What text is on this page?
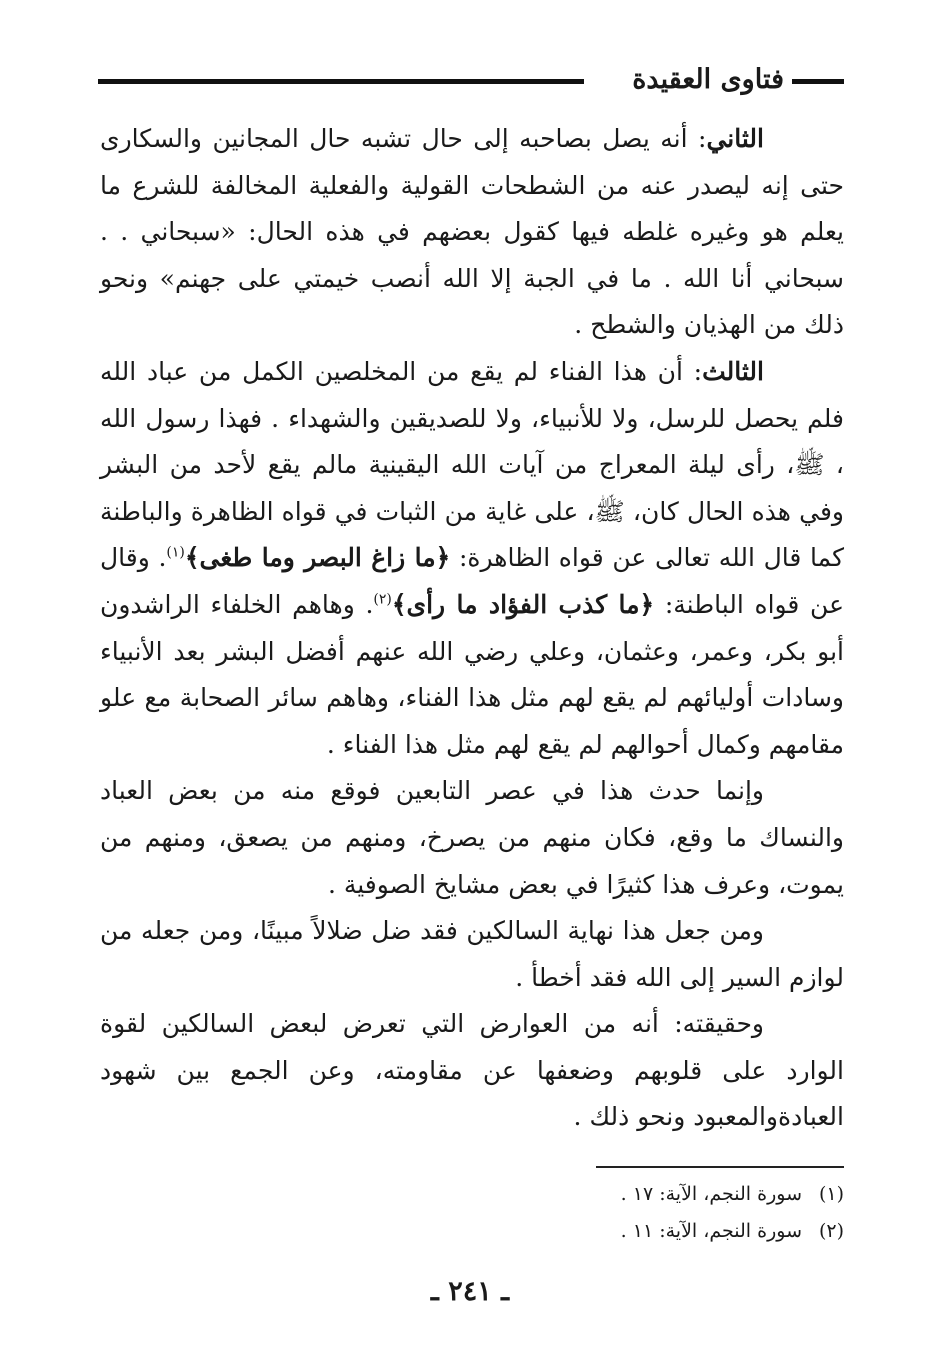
فتاوى العقيدة

الثاني: أنه يصل بصاحبه إلى حال تشبه حال المجانين والسكارى حتى إنه ليصدر عنه من الشطحات القولية والفعلية المخالفة للشرع ما يعلم هو وغيره غلطه فيها كقول بعضهم في هذه الحال: «سبحاني . . سبحاني أنا الله . ما في الجبة إلا الله أنصب خيمتي على جهنم» ونحو ذلك من الهذيان والشطح .

الثالث: أن هذا الفناء لم يقع من المخلصين الكمل من عباد الله فلم يحصل للرسل، ولا للأنبياء، ولا للصديقين والشهداء . فهذا رسول الله ، ﷺ، رأى ليلة المعراج من آيات الله اليقينية مالم يقع لأحد من البشر وفي هذه الحال كان، ﷺ، على غاية من الثبات في قواه الظاهرة والباطنة كما قال الله تعالى عن قواه الظاهرة: ﴿ما زاغ البصر وما طغى﴾$^{(١)}$. وقال عن قواه الباطنة: ﴿ما كذب الفؤاد ما رأى﴾$^{(٢)}$. وهاهم الخلفاء الراشدون أبو بكر، وعمر، وعثمان، وعلي رضي الله عنهم أفضل البشر بعد الأنبياء وسادات أوليائهم لم يقع لهم مثل هذا الفناء، وهاهم سائر الصحابة مع علو مقامهم وكمال أحوالهم لم يقع لهم مثل هذا الفناء .

وإنما حدث هذا في عصر التابعين فوقع منه من بعض العباد والنساك ما وقع، فكان منهم من يصرخ، ومنهم من يصعق، ومنهم من يموت، وعرف هذا كثيرًا في بعض مشايخ الصوفية .

ومن جعل هذا نهاية السالكين فقد ضل ضلالاً مبينًا، ومن جعله من لوازم السير إلى الله فقد أخطأ .

وحقيقته: أنه من العوارض التي تعرض لبعض السالكين لقوة الوارد على قلوبهم وضعفها عن مقاومته، وعن الجمع بين شهود العبادةوالمعبود ونحو ذلك .

(١)سورة النجم، الآية: ١٧ .

(٢)سورة النجم، الآية: ١١ .

ـ ٢٤١ ـ
